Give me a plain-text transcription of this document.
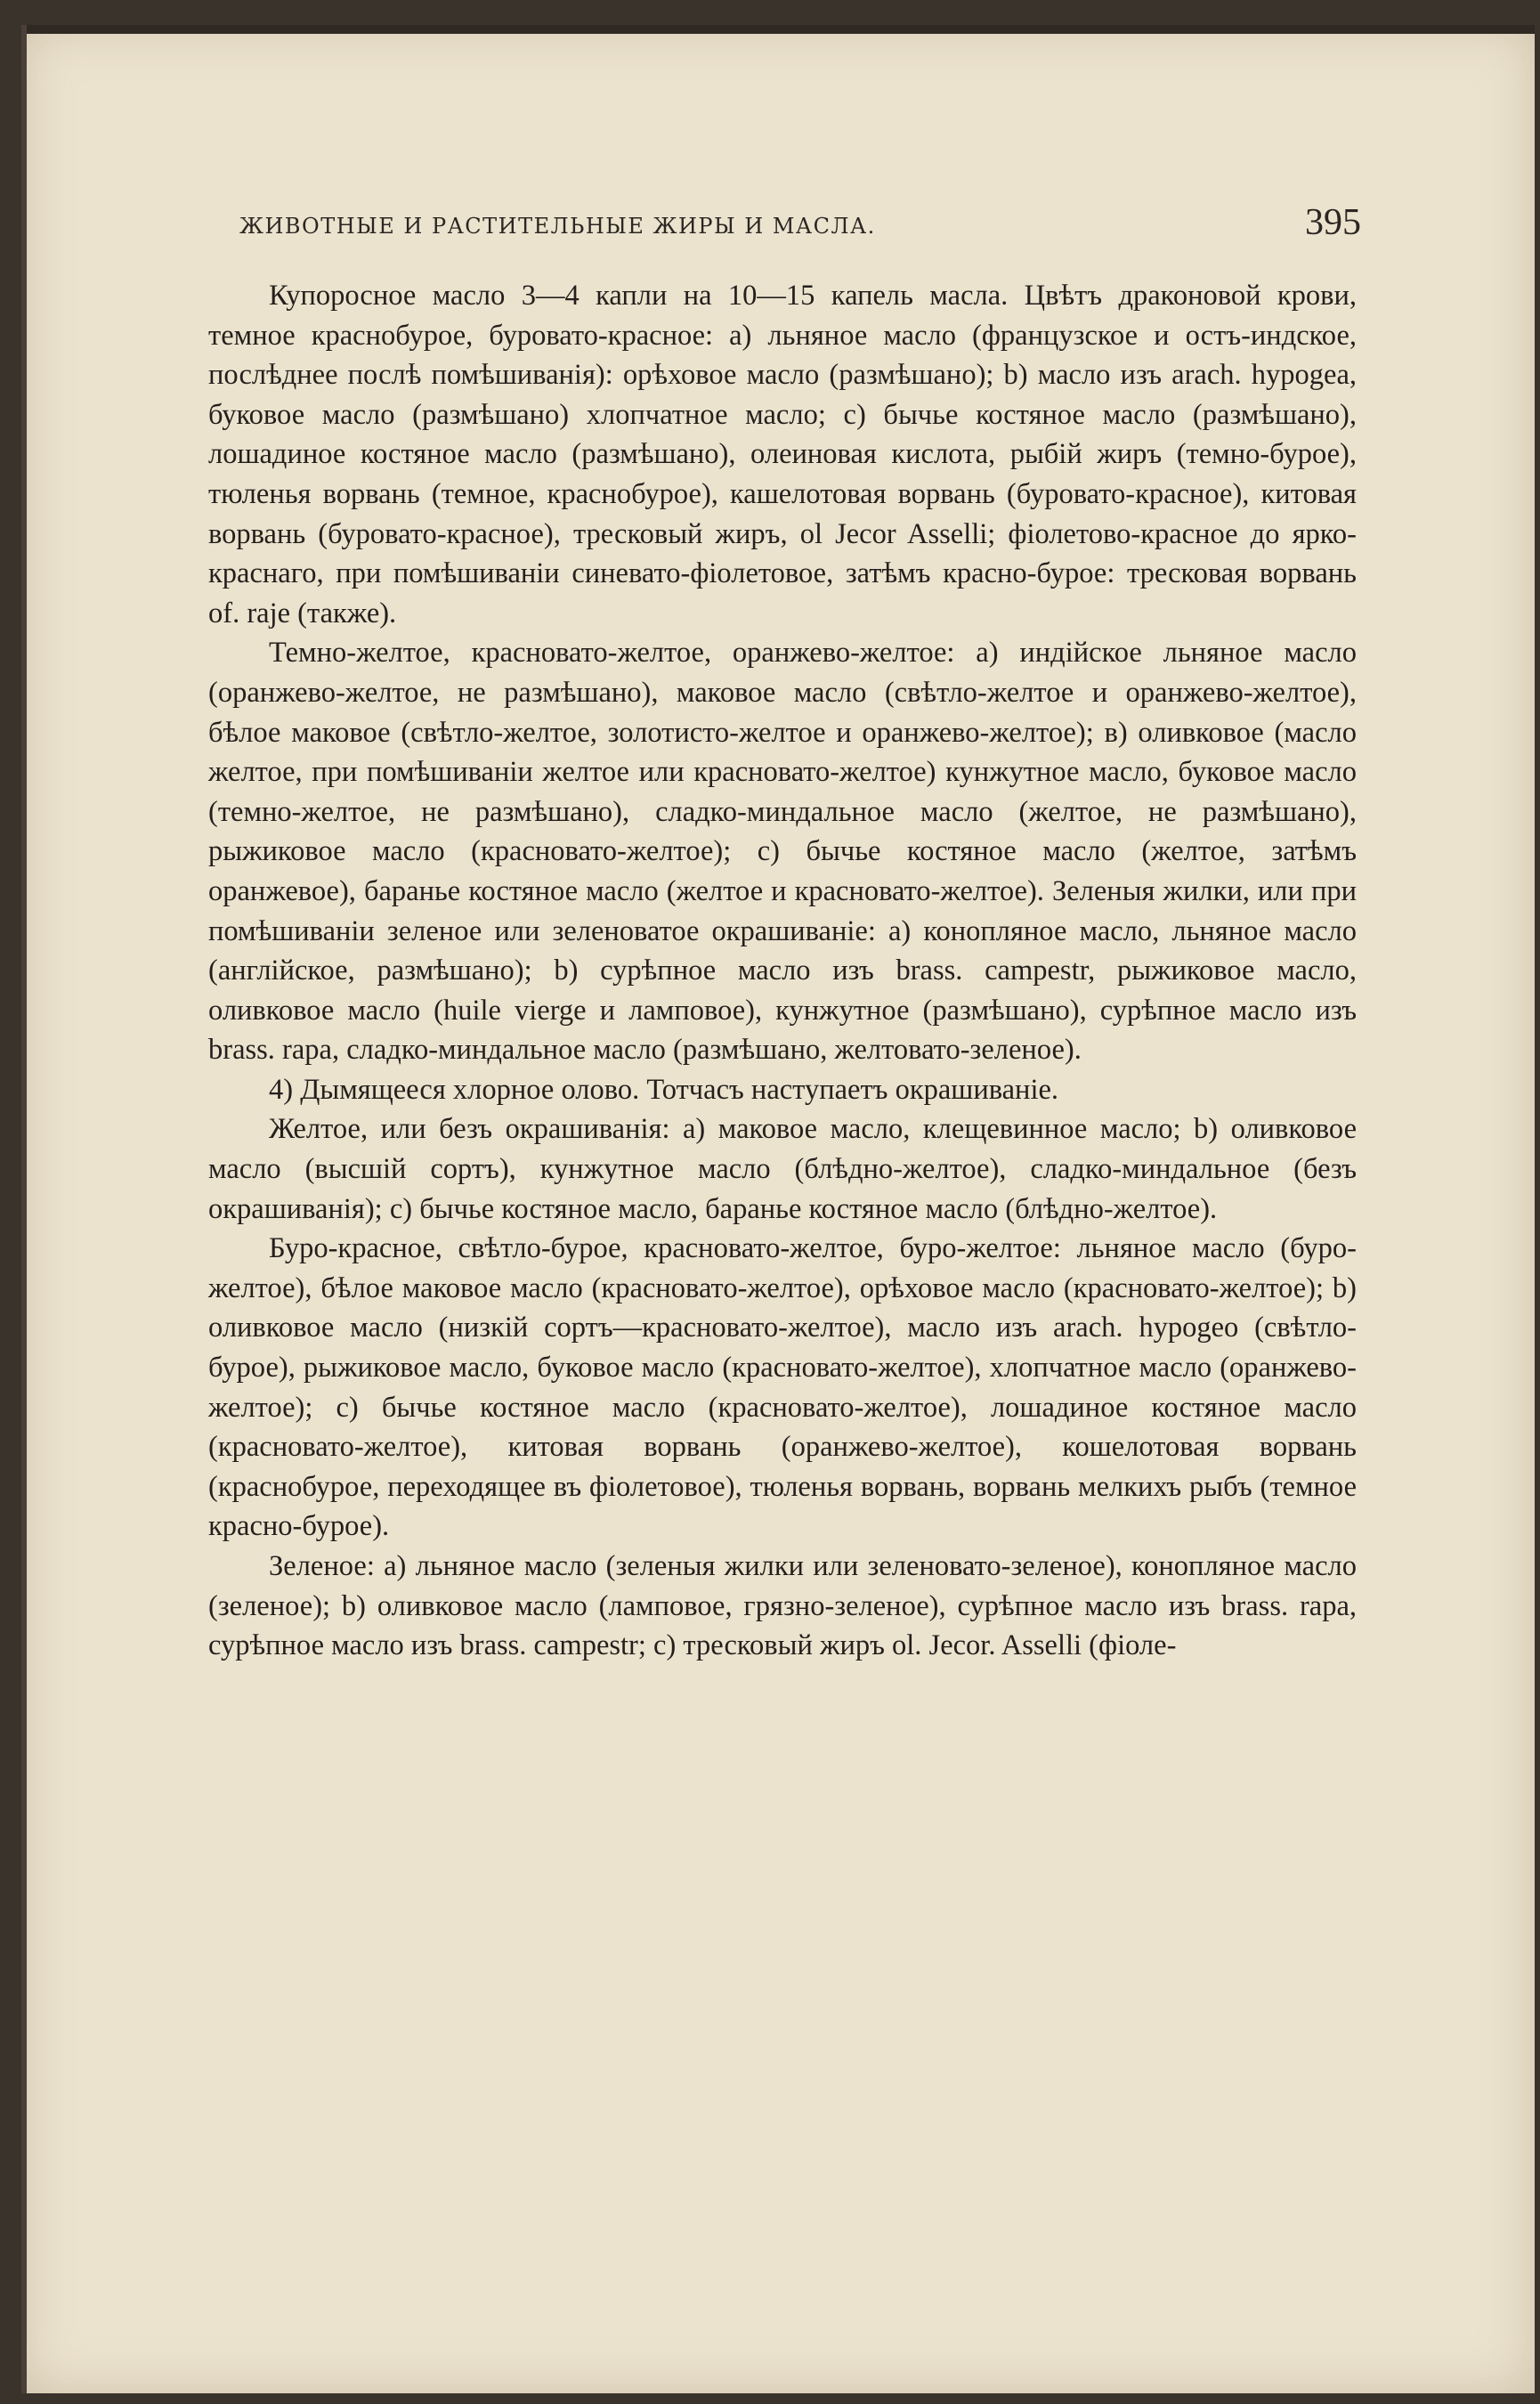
ЖИВОТНЫЕ И РАСТИТЕЛЬНЫЕ ЖИРЫ И МАСЛА.	395

Купоросное масло 3—4 капли на 10—15 капель масла. Цвѣтъ драконовой крови, темное краснобурое, буровато-красное: а) льняное масло (французское и остъ-индское, послѣднее послѣ помѣшиванія): орѣховое масло (размѣшано); b) масло изъ arach. hypogea, буковое масло (размѣшано) хлопчатное масло; с) бычье костяное масло (размѣшано), лошадиное костяное масло (размѣшано), олеиновая кислота, рыбій жиръ (темно-бурое), тюленья ворвань (темное, краснобурое), кашелотовая ворвань (буровато-красное), китовая ворвань (буровато-красное), тресковый жиръ, ol Jecor Asselli; фіолетово-красное до ярко-краснаго, при помѣшиваніи синевато-фіолетовое, затѣмъ красно-бурое: тресковая ворвань of. raje (также).

Темно-желтое, красновато-желтое, оранжево-желтое: а) индійское льняное масло (оранжево-желтое, не размѣшано), маковое масло (свѣтло-желтое и оранжево-желтое), бѣлое маковое (свѣтло-желтое, золотисто-желтое и оранжево-желтое); в) оливковое (масло желтое, при помѣшиваніи желтое или красновато-желтое) кунжутное масло, буковое масло (темно-желтое, не размѣшано), сладко-миндальное масло (желтое, не размѣшано), рыжиковое масло (красновато-желтое); с) бычье костяное масло (желтое, затѣмъ оранжевое), баранье костяное масло (желтое и красновато-желтое). Зеленыя жилки, или при помѣшиваніи зеленое или зеленоватое окрашиваніе: а) конопляное масло, льняное масло (англійское, размѣшано); b) сурѣпное масло изъ brass. campestr, рыжиковое масло, оливковое масло (huile vierge и ламповое), кунжутное (размѣшано), сурѣпное масло изъ brass. rapa, сладко-миндальное масло (размѣшано, желтовато-зеленое).

4) Дымящееся хлорное олово. Тотчасъ наступаетъ окрашиваніе.

Желтое, или безъ окрашиванія: а) маковое масло, клещевинное масло; b) оливковое масло (высшій сортъ), кунжутное масло (блѣдно-желтое), сладко-миндальное (безъ окрашиванія); с) бычье костяное масло, баранье костяное масло (блѣдно-желтое).

Буро-красное, свѣтло-бурое, красновато-желтое, буро-желтое: льняное масло (буро-желтое), бѣлое маковое масло (красновато-желтое), орѣховое масло (красновато-желтое); b) оливковое масло (низкій сортъ—красновато-желтое), масло изъ arach. hypogeo (свѣтло-бурое), рыжиковое масло, буковое масло (красновато-желтое), хлопчатное масло (оранжево-желтое); с) бычье костяное масло (красновато-желтое), лошадиное костяное масло (красновато-желтое), китовая ворвань (оранжево-желтое), кошелотовая ворвань (краснобурое, переходящее въ фіолетовое), тюленья ворвань, ворвань мелкихъ рыбъ (темное красно-бурое).

Зеленое: а) льняное масло (зеленыя жилки или зеленовато-зеленое), конопляное масло (зеленое); b) оливковое масло (ламповое, грязно-зеленое), сурѣпное масло изъ brass. rapa, сурѣпное масло изъ brass. campestr; с) тресковый жиръ ol. Jecor. Asselli (фіоле-
